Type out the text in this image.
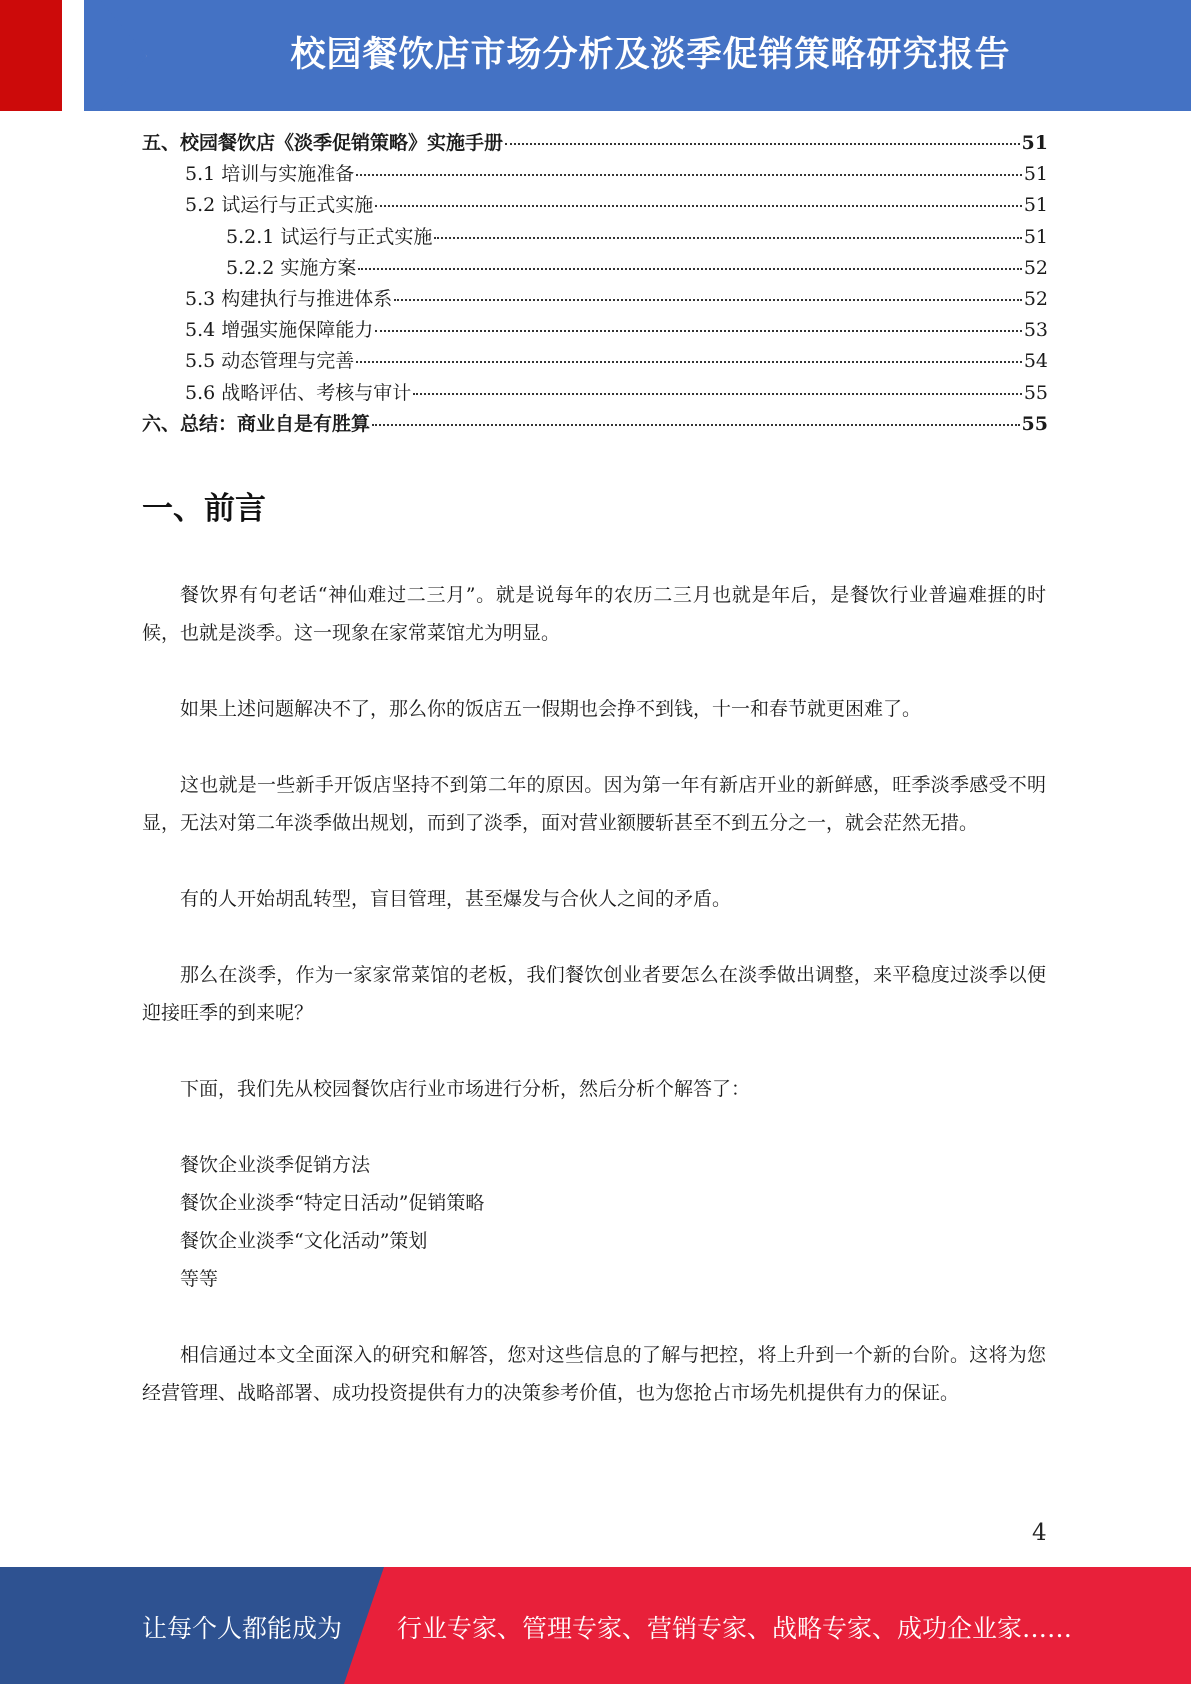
校园餐饮店市场分析及淡季促销策略研究报告
五、校园餐饮店《淡季促销策略》实施手册	51
5.1 培训与实施准备	51
5.2 试运行与正式实施	51
5.2.1 试运行与正式实施	51
5.2.2 实施方案	52
5.3 构建执行与推进体系	52
5.4 增强实施保障能力	53
5.5 动态管理与完善	54
5.6 战略评估、考核与审计	55
六、总结：商业自是有胜算	55
一、前言

餐饮界有句老话“神仙难过二三月”。就是说每年的农历二三月也就是年后，是餐饮行业普遍难捱的时候，也就是淡季。这一现象在家常菜馆尤为明显。

如果上述问题解决不了，那么你的饭店五一假期也会挣不到钱，十一和春节就更困难了。

这也就是一些新手开饭店坚持不到第二年的原因。因为第一年有新店开业的新鲜感，旺季淡季感受不明显，无法对第二年淡季做出规划，而到了淡季，面对营业额腰斩甚至不到五分之一，就会茫然无措。

有的人开始胡乱转型，盲目管理，甚至爆发与合伙人之间的矛盾。

那么在淡季，作为一家家常菜馆的老板，我们餐饮创业者要怎么在淡季做出调整，来平稳度过淡季以便迎接旺季的到来呢？

下面，我们先从校园餐饮店行业市场进行分析，然后分析个解答了：

餐饮企业淡季促销方法
餐饮企业淡季“特定日活动”促销策略
餐饮企业淡季“文化活动”策划
等等

相信通过本文全面深入的研究和解答，您对这些信息的了解与把控，将上升到一个新的台阶。这将为您经营管理、战略部署、成功投资提供有力的决策参考价值，也为您抢占市场先机提供有力的保证。

4
让每个人都能成为 行业专家、管理专家、营销专家、战略专家、成功企业家……
